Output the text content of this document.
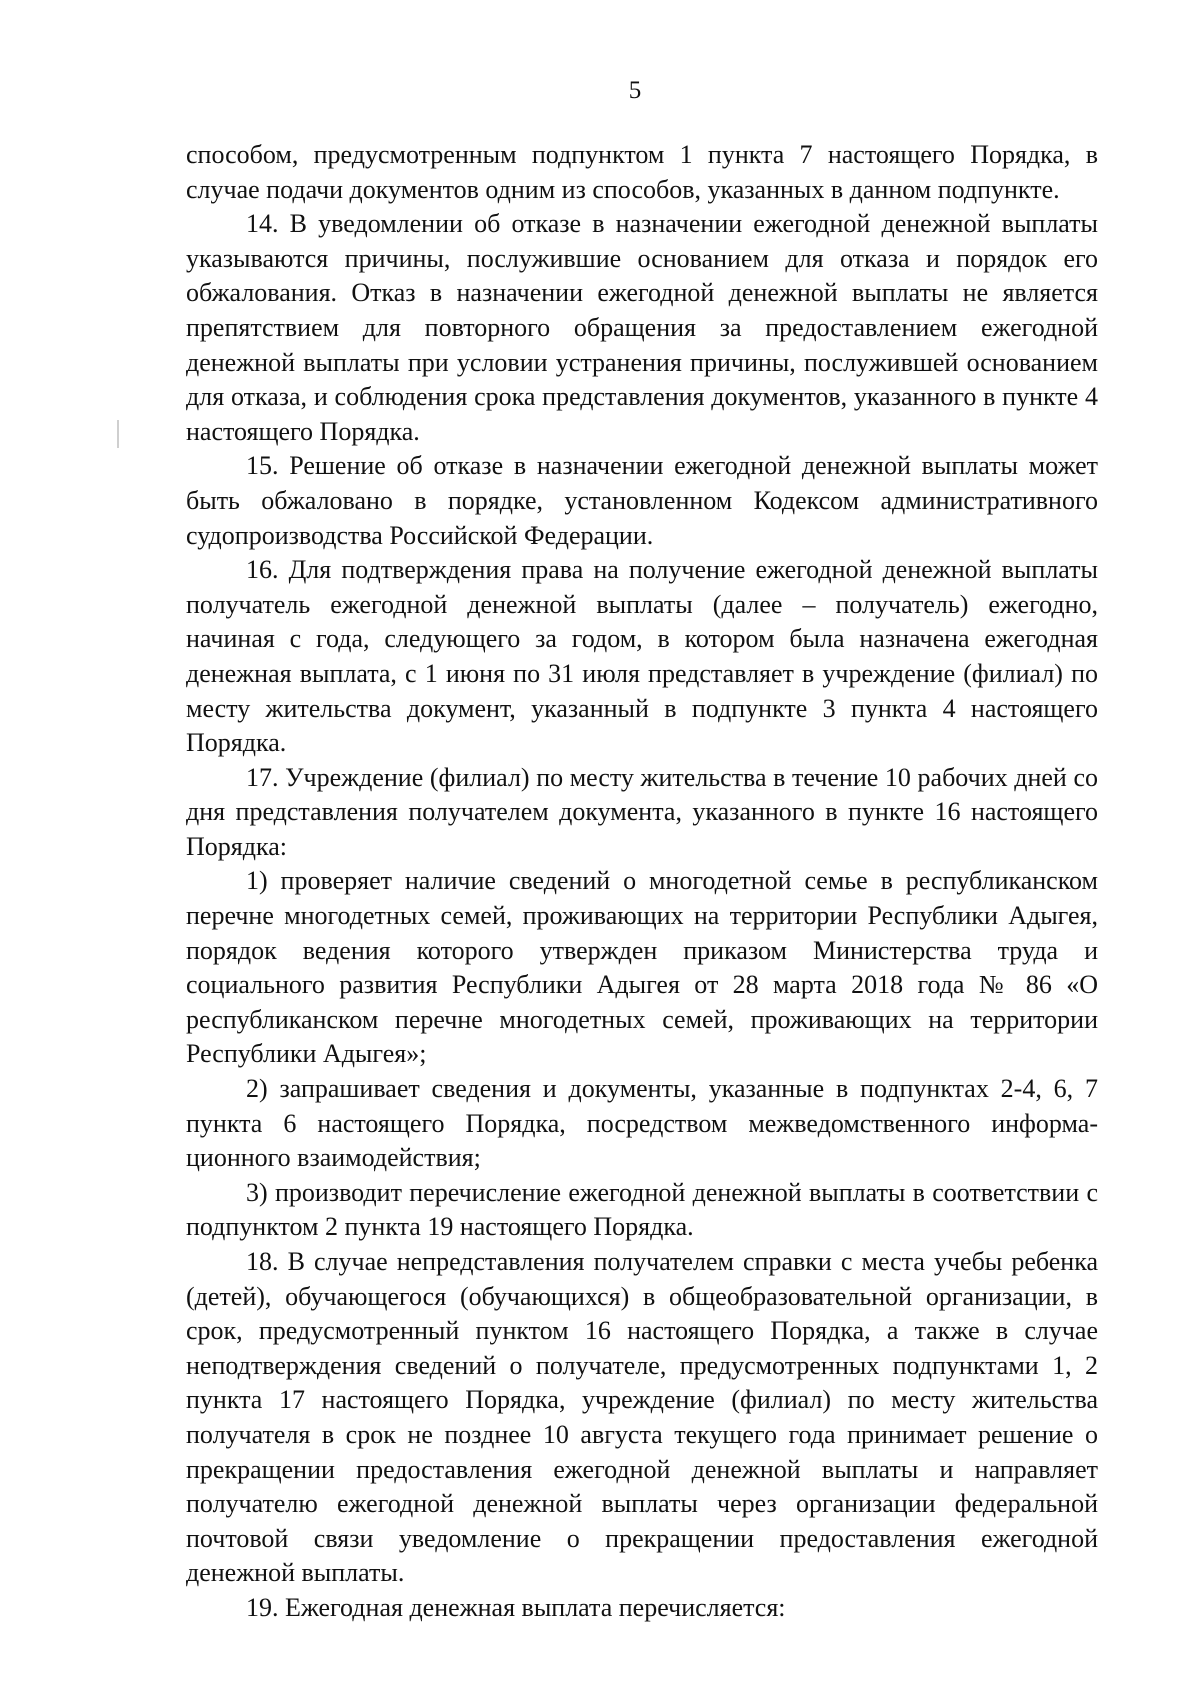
5

способом, предусмотренным подпунктом 1 пункта 7 настоящего Порядка, в случае подачи документов одним из способов, указанных в данном подпункте.

14. В уведомлении об отказе в назначении ежегодной денежной выплаты указываются причины, послужившие основанием для отказа и порядок его обжалования. Отказ в назначении ежегодной денежной выплаты не является препятствием для повторного обращения за предоставлением ежегодной денежной выплаты при условии устранения причины, послужившей основанием для отказа, и соблюдения срока представления документов, указанного в пункте 4 настоящего Порядка.

15. Решение об отказе в назначении ежегодной денежной выплаты может быть обжаловано в порядке, установленном Кодексом административного судопроизводства Российской Федерации.

16. Для подтверждения права на получение ежегодной денежной выплаты получатель ежегодной денежной выплаты (далее – получатель) ежегодно, начиная с года, следующего за годом, в котором была назначена ежегодная денежная выплата, с 1 июня по 31 июля представляет в учреждение (филиал) по месту жительства документ, указанный в подпункте 3 пункта 4 настоящего Порядка.

17. Учреждение (филиал) по месту жительства в течение 10 рабочих дней со дня представления получателем документа, указанного в пункте 16 настоящего Порядка:

1) проверяет наличие сведений о многодетной семье в республиканском перечне многодетных семей, проживающих на территории Республики Адыгея, порядок ведения которого утвержден приказом Министерства труда и социального развития Республики Адыгея от 28 марта 2018 года № 86 «О республиканском перечне многодетных семей, проживающих на территории Республики Адыгея»;

2) запрашивает сведения и документы, указанные в подпунктах 2-4, 6, 7 пункта 6 настоящего Порядка, посредством межведомственного информационного взаимодействия;

3) производит перечисление ежегодной денежной выплаты в соответствии с подпунктом 2 пункта 19 настоящего Порядка.

18. В случае непредставления получателем справки с места учебы ребенка (детей), обучающегося (обучающихся) в общеобразовательной организации, в срок, предусмотренный пунктом 16 настоящего Порядка, а также в случае неподтверждения сведений о получателе, предусмотренных подпунктами 1, 2 пункта 17 настоящего Порядка, учреждение (филиал) по месту жительства получателя в срок не позднее 10 августа текущего года принимает решение о прекращении предоставления ежегодной денежной выплаты и направляет получателю ежегодной денежной выплаты через организации федеральной почтовой связи уведомление о прекращении предоставления ежегодной денежной выплаты.

19. Ежегодная денежная выплата перечисляется:
